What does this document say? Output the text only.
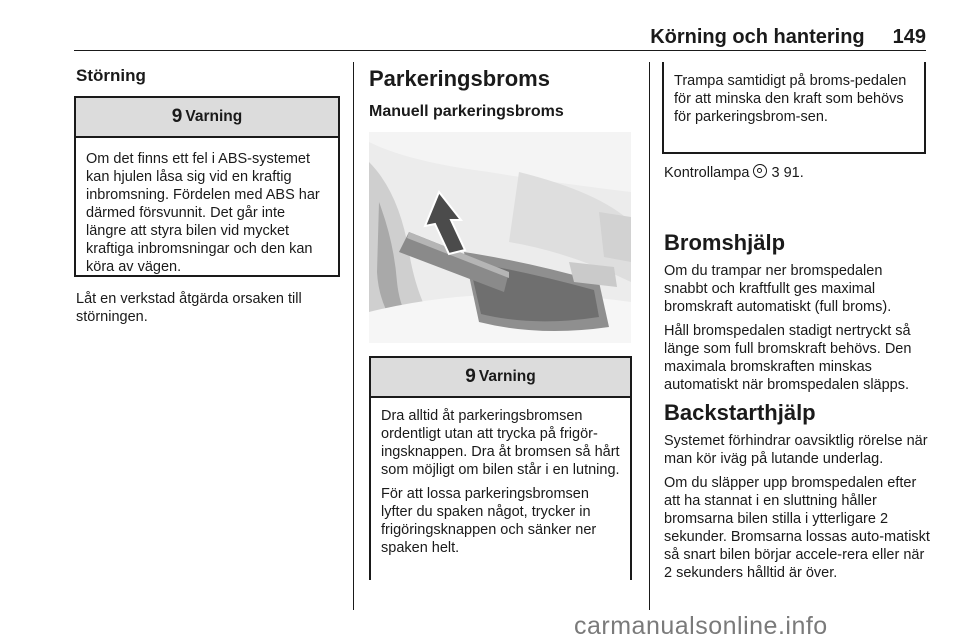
Körning och hantering 149
Störning
9 Varning

Om det finns ett fel i ABS-systemet kan hjulen låsa sig vid en kraftig inbromsning. Fördelen med ABS har därmed försvunnit. Det går inte längre att styra bilen vid mycket kraftiga inbromsningar och den kan köra av vägen.

Låt en verkstad åtgärda orsaken till störningen.

Parkeringsbroms
Manuell parkeringsbroms
9 Varning

Dra alltid åt parkeringsbromsen ordentligt utan att trycka på frigör-ingsknappen. Dra åt bromsen så hårt som möjligt om bilen står i en lutning.

För att lossa parkeringsbromsen lyfter du spaken något, trycker in frigöringsknappen och sänker ner spaken helt.

Trampa samtidigt på broms-pedalen för att minska den kraft som behövs för parkeringsbrom-sen.

Kontrollampa 3 91.
Bromshjälp

Om du trampar ner bromspedalen snabbt och kraftfullt ges maximal bromskraft automatiskt (full broms).

Håll bromspedalen stadigt nertryckt så länge som full bromskraft behövs. Den maximala bromskraften minskas automatiskt när bromspedalen släpps.

Backstarthjälp

Systemet förhindrar oavsiktlig rörelse när man kör iväg på lutande underlag.

Om du släpper upp bromspedalen efter att ha stannat i en sluttning håller bromsarna bilen stilla i ytterligare 2 sekunder. Bromsarna lossas auto-matiskt så snart bilen börjar accele-rera eller när 2 sekunders hålltid är över.

carmanualsonline.info
